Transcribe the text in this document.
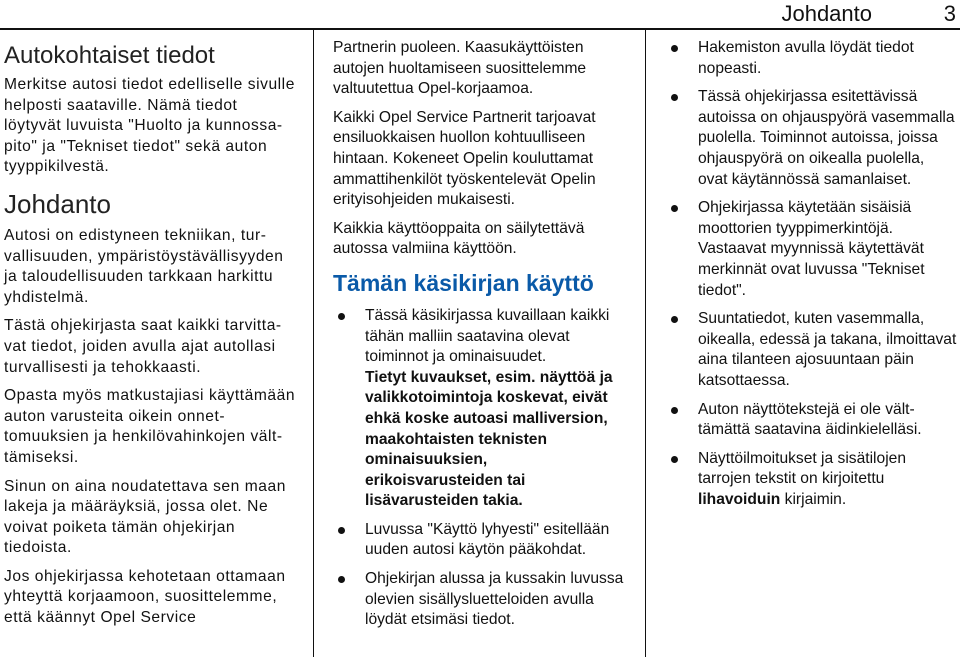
Johdanto	3
Autokohtaiset tiedot

Merkitse autosi tiedot edelliselle sivulle helposti saataville. Nämä tiedot löytyvät luvuista "Huolto ja kunnossapito" ja "Tekniset tiedot" sekä auton tyyppikilvestä.

Johdanto

Autosi on edistyneen tekniikan, turvallisuuden, ympäristöystävällisyyden ja taloudellisuuden tarkkaan harkittu yhdistelmä.

Tästä ohjekirjasta saat kaikki tarvittavat tiedot, joiden avulla ajat autollasi turvallisesti ja tehokkaasti.

Opasta myös matkustajiasi käyttämään auton varusteita oikein onnettomuuksien ja henkilövahinkojen välttämiseksi.

Sinun on aina noudatettava sen maan lakeja ja määräyksiä, jossa olet. Ne voivat poiketa tämän ohjekirjan tiedoista.

Jos ohjekirjassa kehotetaan ottamaan yhteyttä korjaamoon, suosittelemme, että käännyt Opel Service

Partnerin puoleen. Kaasukäyttöisten autojen huoltamiseen suosittelemme valtuutettua Opel-korjaamoa.

Kaikki Opel Service Partnerit tarjoavat ensiluokkaisen huollon kohtuulliseen hintaan. Kokeneet Opelin kouluttamat ammattihenkilöt työskentelevät Opelin erityisohjeiden mukaisesti.

Kaikkia käyttöoppaita on säilytettävä autossa valmiina käyttöön.

Tämän käsikirjan käyttö
Tässä käsikirjassa kuvaillaan kaikki tähän malliin saatavina olevat toiminnot ja ominaisuudet.
Tietyt kuvaukset, esim. näyttöä ja
valikkotoimintoja koskevat, eivät
ehkä koske autoasi malliversion,
maakohtaisten teknisten
ominaisuuksien,
erikoisvarusteiden tai
lisävarusteiden takia.
Luvussa "Käyttö lyhyesti" esitellään uuden autosi käytön pääkohdat.
Ohjekirjan alussa ja kussakin luvussa olevien sisällysluetteloiden avulla löydät etsimäsi tiedot.
Hakemiston avulla löydät tiedot nopeasti.
Tässä ohjekirjassa esitettävissä autoissa on ohjauspyörä vasemmalla puolella. Toiminnot autoissa, joissa ohjauspyörä on oikealla puolella, ovat käytännössä samanlaiset.
Ohjekirjassa käytetään sisäisiä moottorien tyyppimerkintöjä. Vastaavat myynnissä käytettävät merkinnät ovat luvussa "Tekniset tiedot".
Suuntatiedot, kuten vasemmalla, oikealla, edessä ja takana, ilmoittavat aina tilanteen ajosuuntaan päin katsottaessa.
Auton näyttötekstejä ei ole välttämättä saatavina äidinkielelläsi.
Näyttöilmoitukset ja sisätilojen tarrojen tekstit on kirjoitettu lihavoiduin kirjaimin.
